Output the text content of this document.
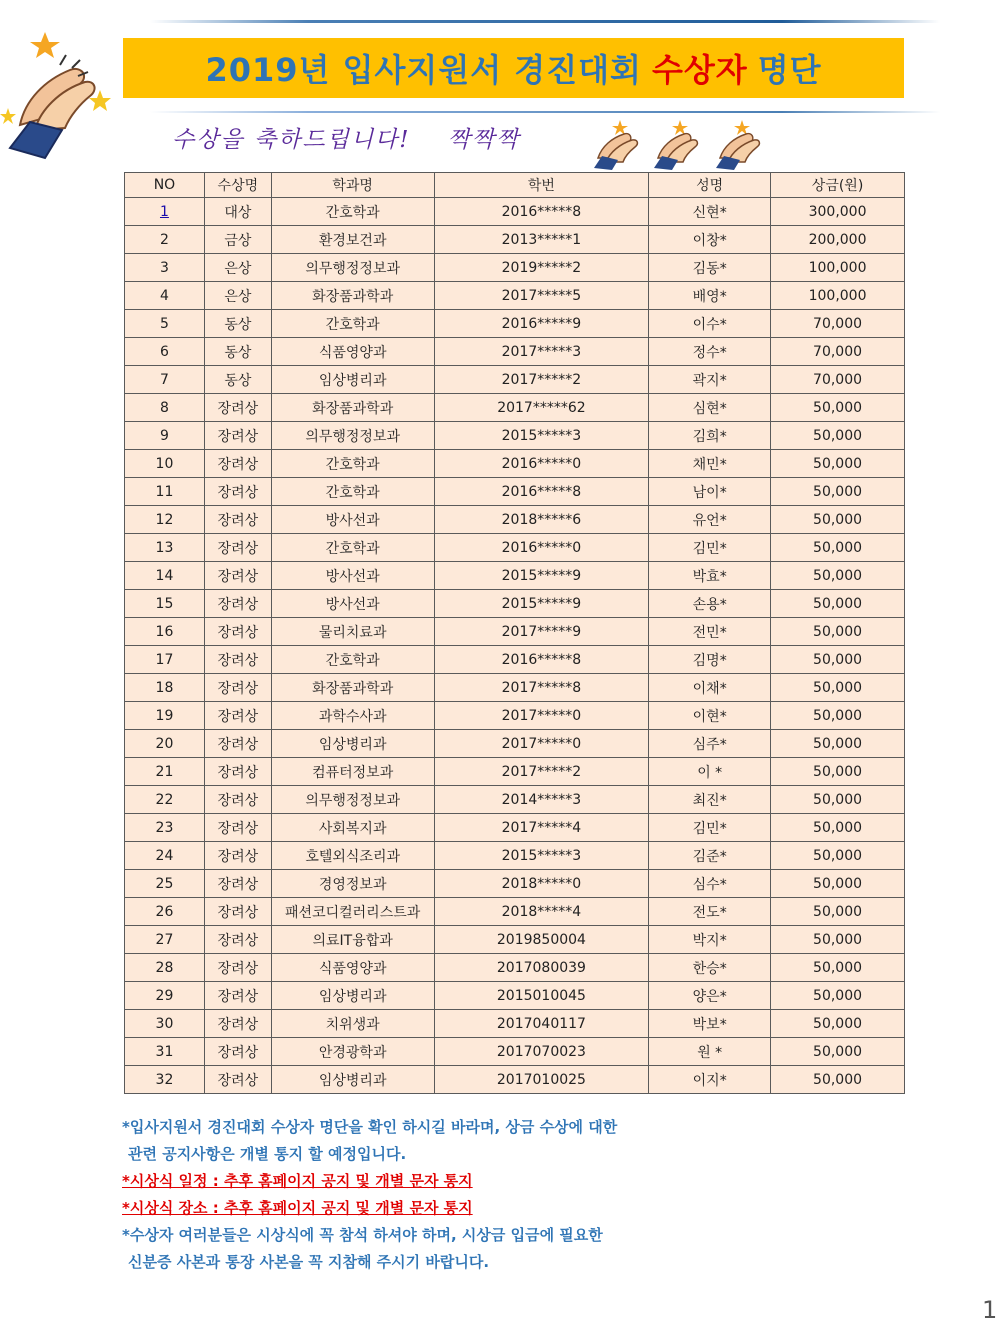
2019년 입사지원서 경진대회 수상자 명단
수상을 축하드립니다! 짝짝짝
NO	수상명	학과명	학번	성명	상금(원)
1	대상	간호학과	2016*****8	신현*	300,000
2	금상	환경보건과	2013*****1	이창*	200,000
3	은상	의무행정정보과	2019*****2	김동*	100,000
4	은상	화장품과학과	2017*****5	배영*	100,000
5	동상	간호학과	2016*****9	이수*	70,000
6	동상	식품영양과	2017*****3	정수*	70,000
7	동상	임상병리과	2017*****2	곽지*	70,000
8	장려상	화장품과학과	2017*****62	심현*	50,000
9	장려상	의무행정정보과	2015*****3	김희*	50,000
10	장려상	간호학과	2016*****0	채민*	50,000
11	장려상	간호학과	2016*****8	남이*	50,000
12	장려상	방사선과	2018*****6	유언*	50,000
13	장려상	간호학과	2016*****0	김민*	50,000
14	장려상	방사선과	2015*****9	박효*	50,000
15	장려상	방사선과	2015*****9	손용*	50,000
16	장려상	물리치료과	2017*****9	전민*	50,000
17	장려상	간호학과	2016*****8	김명*	50,000
18	장려상	화장품과학과	2017*****8	이채*	50,000
19	장려상	과학수사과	2017*****0	이현*	50,000
20	장려상	임상병리과	2017*****0	심주*	50,000
21	장려상	컴퓨터정보과	2017*****2	이 *	50,000
22	장려상	의무행정정보과	2014*****3	최진*	50,000
23	장려상	사회복지과	2017*****4	김민*	50,000
24	장려상	호텔외식조리과	2015*****3	김준*	50,000
25	장려상	경영정보과	2018*****0	심수*	50,000
26	장려상	패션코디컬러리스트과	2018*****4	전도*	50,000
27	장려상	의료IT융합과	2019850004	박지*	50,000
28	장려상	식품영양과	2017080039	한승*	50,000
29	장려상	임상병리과	2015010045	양은*	50,000
30	장려상	치위생과	2017040117	박보*	50,000
31	장려상	안경광학과	2017070023	원 *	50,000
32	장려상	임상병리과	2017010025	이지*	50,000
*입사지원서 경진대회 수상자 명단을 확인 하시길 바라며, 상금 수상에 대한
관련 공지사항은 개별 통지 할 예정입니다.
*시상식 일정 : 추후 홈페이지 공지 및 개별 문자 통지
*시상식 장소 : 추후 홈페이지 공지 및 개별 문자 통지
*수상자 여러분들은 시상식에 꼭 참석 하셔야 하며, 시상금 입금에 필요한
신분증 사본과 통장 사본을 꼭 지참해 주시기 바랍니다.
1
